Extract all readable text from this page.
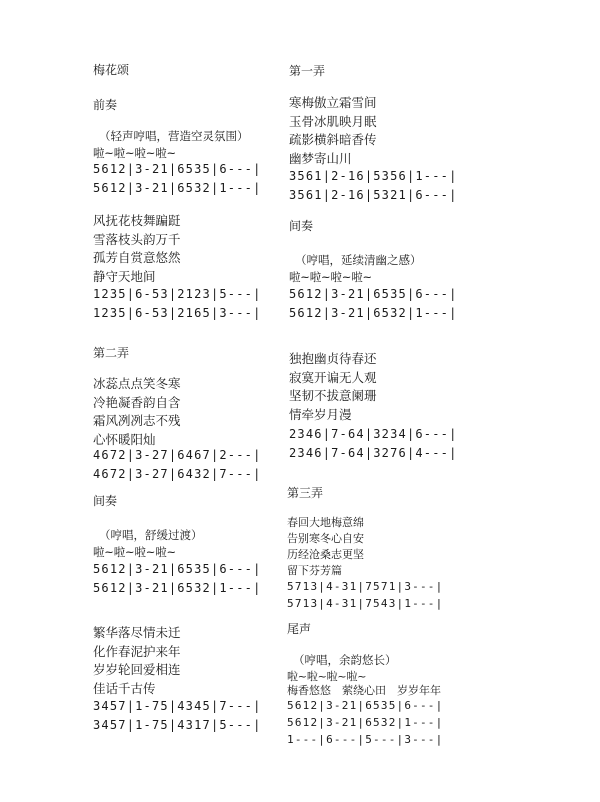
梅花颂
前奏
（轻声哼唱，营造空灵氛围）
啦~啦~啦~啦~
5612|3-21|6535|6---|
5612|3-21|6532|1---|
风抚花枝舞蹁跹
雪落枝头韵万千
孤芳自赏意悠然
静守天地间
1235|6-53|2123|5---|
1235|6-53|2165|3---|
第二弄
冰蕊点点笑冬寒
冷艳凝香韵自含
霜风冽冽志不残
心怀暖阳灿
4672|3-27|6467|2---|
4672|3-27|6432|7---|
间奏
（哼唱，舒缓过渡）
啦~啦~啦~啦~
5612|3-21|6535|6---|
5612|3-21|6532|1---|
繁华落尽情未迁
化作春泥护来年
岁岁轮回爱相连
佳话千古传
3457|1-75|4345|7---|
3457|1-75|4317|5---|
第一弄
寒梅傲立霜雪间
玉骨冰肌映月眠
疏影横斜暗香传
幽梦寄山川
3561|2-16|5356|1---|
3561|2-16|5321|6---|
间奏
（哼唱，延续清幽之感）
啦~啦~啦~啦~
5612|3-21|6535|6---|
5612|3-21|6532|1---|
独抱幽贞待春还
寂寞开谝无人观
坚韧不拔意阑珊
情牵岁月漫
2346|7-64|3234|6---|
2346|7-64|3276|4---|
第三弄
春回大地梅意绵
告别寒冬心自安
历经沧桑志更坚
留下芬芳篇
5713|4-31|7571|3---|
5713|4-31|7543|1---|
尾声
（哼唱，余韵悠长）
啦~啦~啦~啦~
梅香悠悠　萦绕心田　岁岁年年
5612|3-21|6535|6---|
5612|3-21|6532|1---|
1---|6---|5---|3---|
